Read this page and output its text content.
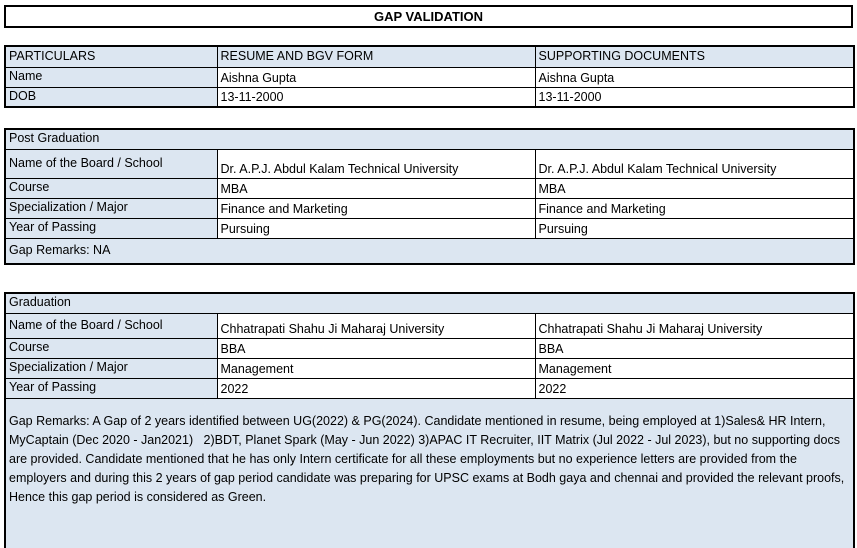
GAP VALIDATION
PARTICULARS	RESUME AND BGV FORM	SUPPORTING DOCUMENTS
Name	Aishna Gupta	Aishna Gupta
DOB	13-11-2000	13-11-2000
Post Graduation		
Name of the Board / School	Dr. A.P.J. Abdul Kalam Technical University	Dr. A.P.J. Abdul Kalam Technical University
Course	MBA	MBA
Specialization / Major	Finance and Marketing	Finance and Marketing
Year of Passing	Pursuing	Pursuing
Gap Remarks: NA		
Graduation		
Name of the Board / School	Chhatrapati Shahu Ji Maharaj University	Chhatrapati Shahu Ji Maharaj University
Course	BBA	BBA
Specialization / Major	Management	Management
Year of Passing	2022	2022
Gap Remarks: A Gap of 2 years identified between UG(2022) & PG(2024). Candidate mentioned in resume, being employed at 1)Sales& HR Intern, MyCaptain (Dec 2020 - Jan2021)   2)BDT, Planet Spark (May - Jun 2022) 3)APAC IT Recruiter, IIT Matrix (Jul 2022 - Jul 2023), but no supporting docs are provided. Candidate mentioned that he has only Intern certificate for all these employments but no experience letters are provided from the employers and during this 2 years of gap period candidate was preparing for UPSC exams at Bodh gaya and chennai and provided the relevant proofs, Hence this gap period is considered as Green.		
